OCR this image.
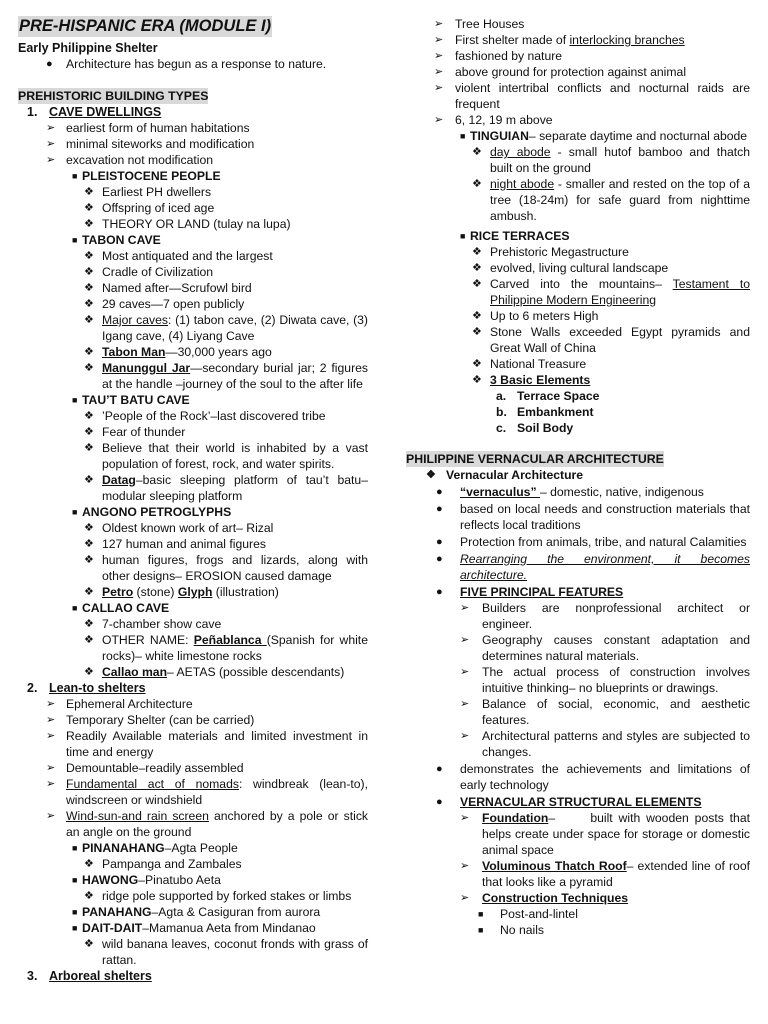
PRE-HISPANIC ERA (MODULE I)
Early Philippine Shelter
● Architecture has begun as a response to nature.
PREHISTORIC BUILDING TYPES
1. CAVE DWELLINGS
➢ earliest form of human habitations
➢ minimal siteworks and modification
➢ excavation not modification
■ PLEISTOCENE PEOPLE
❖ Earliest PH dwellers
❖ Offspring of iced age
❖ THEORY OR LAND (tulay na lupa)
■ TABON CAVE
❖ Most antiquated and the largest
❖ Cradle of Civilization
❖ Named after—Scrufowl bird
❖ 29 caves—7 open publicly
❖ Major caves: (1) tabon cave, (2) Diwata cave, (3) Igang cave, (4) Liyang Cave
❖ Tabon Man—30,000 years ago
❖ Manunggul Jar—secondary burial jar; 2 figures at the handle –journey of the soul to the after life
■ TAU’T BATU CAVE
❖ ’People of the Rock’–last discovered tribe
❖ Fear of thunder
❖ Believe that their world is inhabited by a vast population of forest, rock, and water spirits.
❖ Datag–basic sleeping platform of tau’t batu– modular sleeping platform
■ ANGONO PETROGLYPHS
❖ Oldest known work of art– Rizal
❖ 127 human and animal figures
❖ human figures, frogs and lizards, along with other designs– EROSION caused damage
❖ Petro (stone) Glyph (illustration)
■ CALLAO CAVE
❖ 7-chamber show cave
❖ OTHER NAME: Peñablanca (Spanish for white rocks)– white limestone rocks
❖ Callao man– AETAS (possible descendants)
2. Lean-to shelters
➢ Ephemeral Architecture
➢ Temporary Shelter (can be carried)
➢ Readily Available materials and limited investment in time and energy
➢ Demountable–readily assembled
➢ Fundamental act of nomads: windbreak (lean-to), windscreen or windshield
➢ Wind-sun-and rain screen anchored by a pole or stick an angle on the ground
■ PINANAHANG–Agta People
❖ Pampanga and Zambales
■ HAWONG–Pinatubo Aeta
❖ ridge pole supported by forked stakes or limbs
■ PANAHANG–Agta & Casiguran from aurora
■ DAIT-DAIT–Mamanua Aeta from Mindanao
❖ wild banana leaves, coconut fronds with grass of rattan.
3. Arboreal shelters
➢ Tree Houses
➢ First shelter made of interlocking branches
➢ fashioned by nature
➢ above ground for protection against animal
➢ violent intertribal conflicts and nocturnal raids are frequent
➢ 6, 12, 19 m above
■ TINGUIAN– separate daytime and nocturnal abode
❖ day abode - small hutof bamboo and thatch built on the ground
❖ night abode - smaller and rested on the top of a tree (18-24m) for safe guard from nighttime ambush.
■ RICE TERRACES
❖ Prehistoric Megastructure
❖ evolved, living cultural landscape
❖ Carved into the mountains– Testament to Philippine Modern Engineering
❖ Up to 6 meters High
❖ Stone Walls exceeded Egypt pyramids and Great Wall of China
❖ National Treasure
❖ 3 Basic Elements
a. Terrace Space
b. Embankment
c. Soil Body
PHILIPPINE VERNACULAR ARCHITECTURE
❖ Vernacular Architecture
● “vernaculus” – domestic, native, indigenous
● based on local needs and construction materials that reflects local traditions
● Protection from animals, tribe, and natural Calamities
● Rearranging the environment, it becomes architecture.
● FIVE PRINCIPAL FEATURES
➢ Builders are nonprofessional architect or engineer.
➢ Geography causes constant adaptation and determines natural materials.
➢ The actual process of construction involves intuitive thinking– no blueprints or drawings.
➢ Balance of social, economic, and aesthetic features.
➢ Architectural patterns and styles are subjected to changes.
● demonstrates the achievements and limitations of early technology
● VERNACULAR STRUCTURAL ELEMENTS
➢ Foundation–      built with wooden posts that helps create under space for storage or domestic animal space
➢ Voluminous Thatch Roof– extended line of roof that looks like a pyramid
➢ Construction Techniques
■ Post-and-lintel
■ No nails
